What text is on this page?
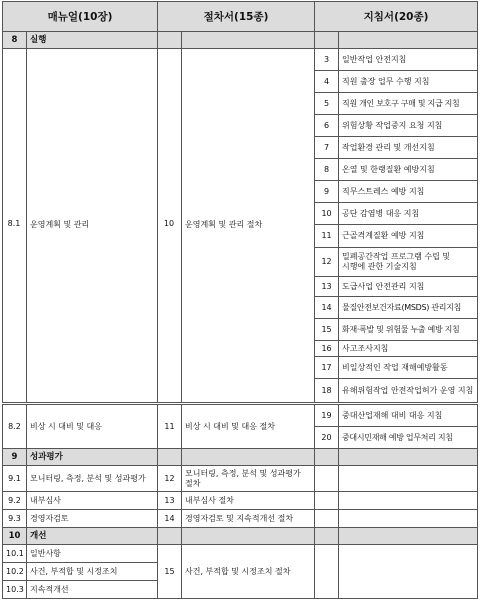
매뉴얼(10장)		절차서(15종)		지침서(20종)	
8	실행				
				3	일반작업 안전지침
				4	직원 출장 업무 수행 지침
				5	직원 개인 보호구 구매 및 지급 지침
				6	위험상황 작업중지 요청 지침
				7	작업환경 관리 및 개선지침
				8	온열 및 한랭질환 예방지침
				9	직무스트레스 예방 지침
				10	공단 감염병 대응 지침
				11	근골격계질환 예방 지침
				12	밀폐공간작업 프로그램 수립 및 시행에 관한 기술지침
				13	도급사업 안전관리 지침
				14	물질안전보건자료(MSDS) 관리지침
				15	화재·폭발 및 위험물 누출 예방 지침
				16	사고조사지침
				17	비일상적인 작업 재해예방활동
				18	유해위험작업 안전작업허가 운영 지침
8.1	운영계획 및 관리	10	운영계획 및 관리 절차
8.2	비상 시 대비 및 대응	11	비상 시 대비 및 대응 절차	19	중대산업재해 대비 대응 지침
				20	중대시민재해 예방 업무처리 지침
9	성과평가				
9.1	모니터링, 측정, 분석 및 성과평가	12	모니터링, 측정, 분석 및 성과평가 절차		
9.2	내부심사	13	내부심사 절차		
9.3	경영자검토	14	경영자검토 및 지속적개선 절차		
10	개선				
10.1	일반사항	15	사건, 부적합 및 시정조치 절차		
10.2	사건, 부적합 및 시정조치				
10.3	지속적개선				
